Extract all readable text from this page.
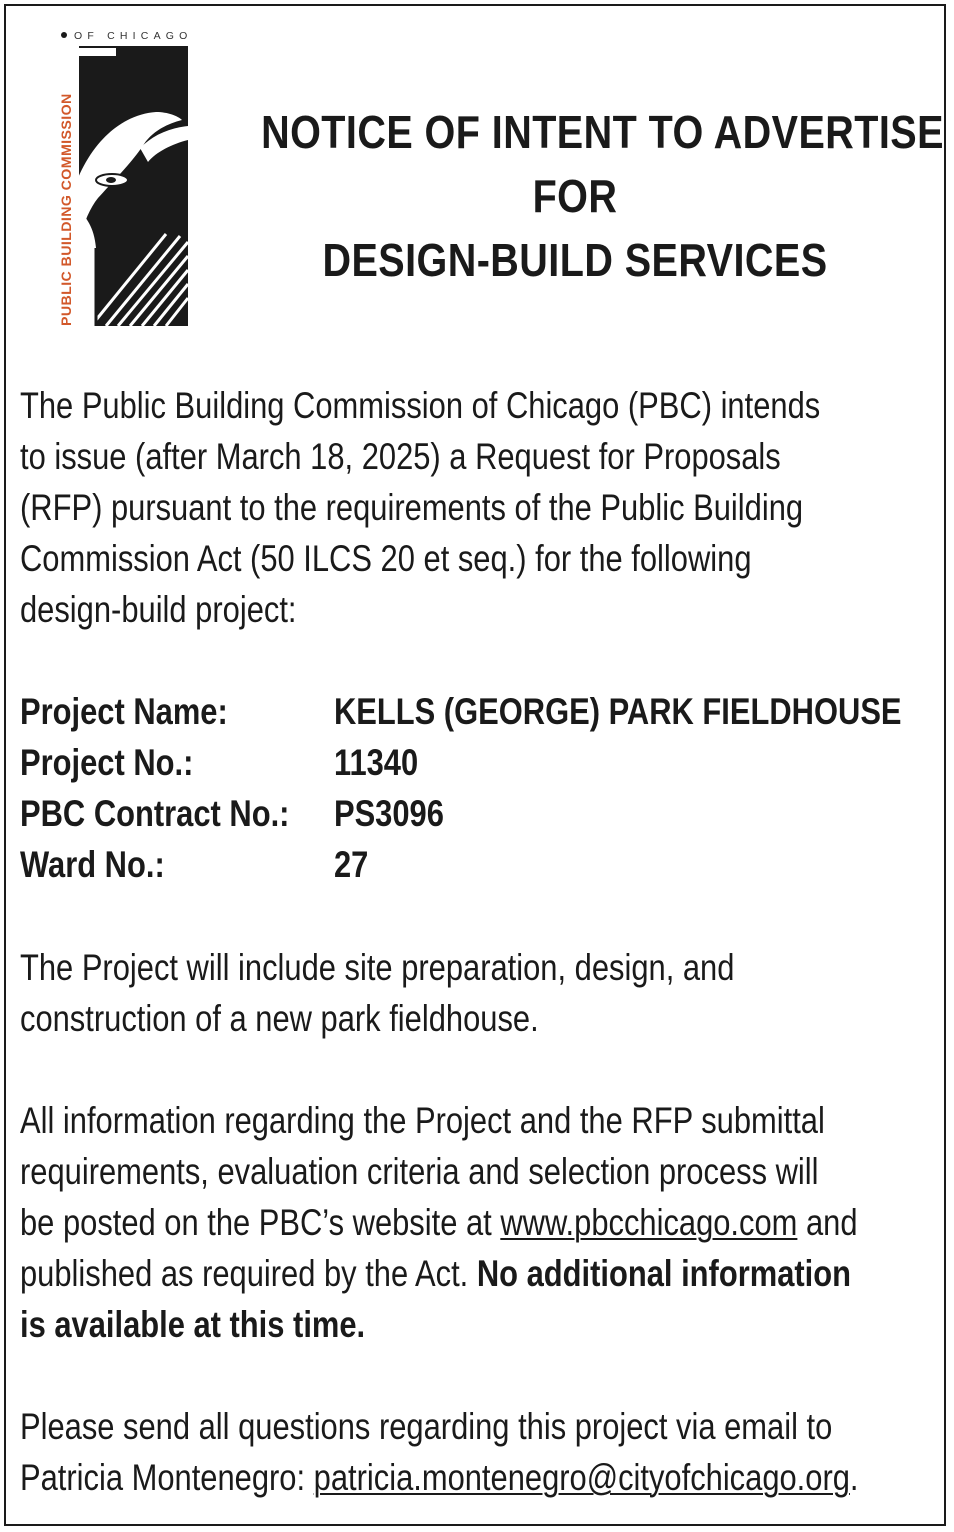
PUBLIC BUILDING COMMISSION
OF CHICAGO
NOTICE OF INTENT TO ADVERTISE
FOR
DESIGN-BUILD SERVICES
The Public Building Commission of Chicago (PBC) intends
to issue (after March 18, 2025) a Request for Proposals
(RFP) pursuant to the requirements of the Public Building
Commission Act (50 ILCS 20 et seq.) for the following
design-build project:
Project Name:	KELLS (GEORGE) PARK FIELDHOUSE
Project No.:	11340
PBC Contract No.: PS3096
Ward No.:	27
The Project will include site preparation, design, and
construction of a new park fieldhouse.
All information regarding the Project and the RFP submittal
requirements, evaluation criteria and selection process will
be posted on the PBC’s website at www.pbcchicago.com and
published as required by the Act. No additional information
is available at this time.
Please send all questions regarding this project via email to
Patricia Montenegro: patricia.montenegro@cityofchicago.org.
